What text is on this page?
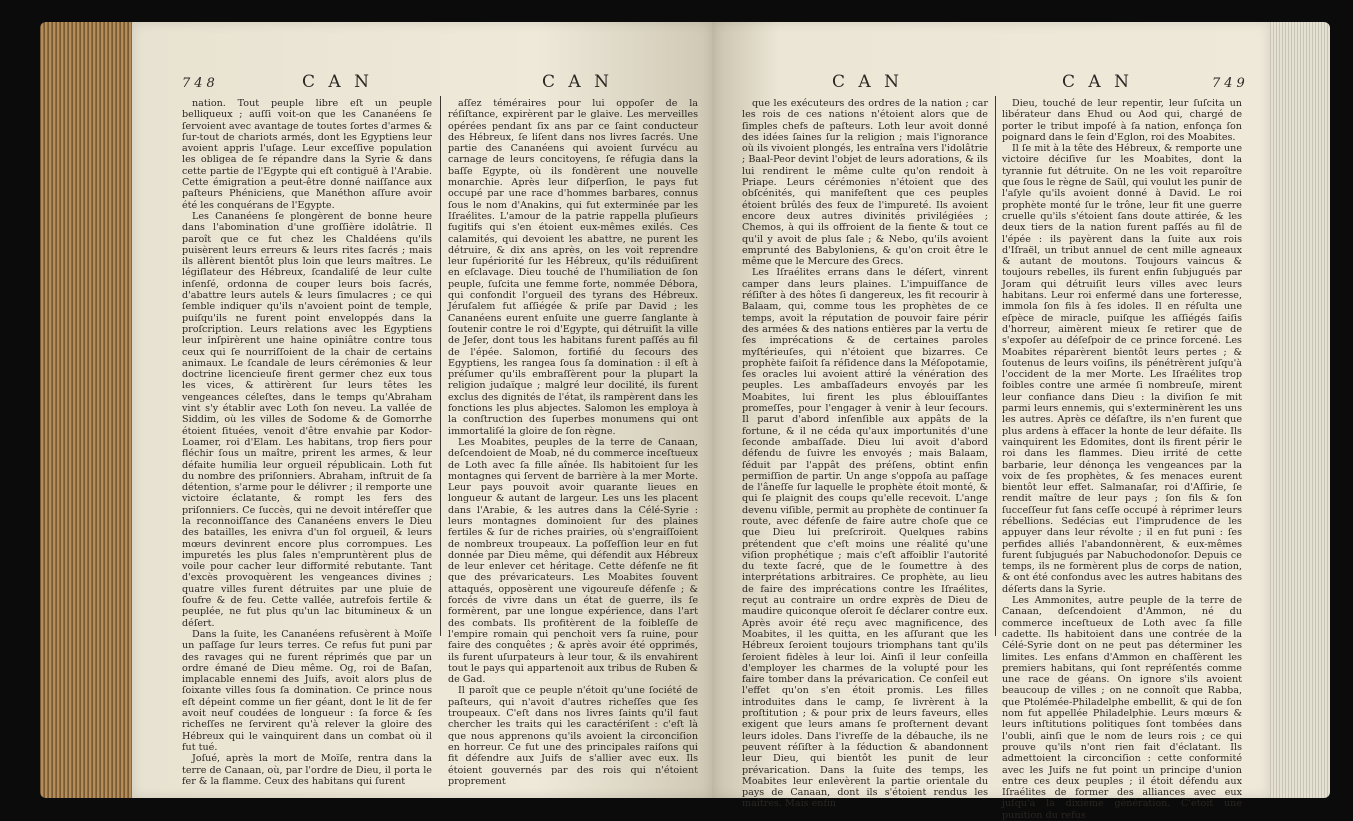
748	C A N	C A N

nation. Tout peuple libre eſt un peuple belliqueux ; auſſi voit-on que les Cananéens ſe ſervoient avec avantage de toutes ſortes d'armes & ſur-tout de chariots armés, dont les Egyptiens leur avoient appris l'uſage. Leur exceſſive population les obligea de ſe répandre dans la Syrie & dans cette partie de l'Egypte qui eſt contiguë à l'Arabie. Cette émigration a peut-être donné naiſſance aux paſteurs Phéniciens, que Manéthon aſſure avoir été les conquérans de l'Egypte.

Les Cananéens ſe plongèrent de bonne heure dans l'abomination d'une groſſière idolâtrie. Il paroît que ce fut chez les Chaldéens qu'ils puisèrent leurs erreurs & leurs rites ſacrés ; mais ils allèrent bientôt plus loin que leurs maîtres. Le légiſlateur des Hébreux, ſcandaliſé de leur culte inſenſé, ordonna de couper leurs bois ſacrés, d'abattre leurs autels & leurs ſimulacres ; ce qui ſemble indiquer qu'ils n'avoient point de temple, puiſqu'ils ne furent point enveloppés dans la proſcription. Leurs relations avec les Egyptiens leur inſpirèrent une haine opiniâtre contre tous ceux qui ſe nourriſſoient de la chair de certains animaux. Le ſcandale de leurs cérémonies & leur doctrine licencieuſe firent germer chez eux tous les vices, & attirèrent ſur leurs têtes les vengeances céleſtes, dans le temps qu'Abraham vint s'y établir avec Loth ſon neveu. La vallée de Siddim, où les villes de Sodome & de Gomorrhe étoient ſituées, venoit d'être envahie par Kodor-Loamer, roi d'Elam. Les habitans, trop fiers pour fléchir ſous un maître, prirent les armes, & leur défaite humilia leur orgueil républicain. Loth fut du nombre des priſonniers. Abraham, inſtruit de ſa détention, s'arme pour le délivrer ; il remporte une victoire éclatante, & rompt les fers des priſonniers. Ce ſuccès, qui ne devoit intéreſſer que la reconnoiſſance des Cananéens envers le Dieu des batailles, les enivra d'un fol orgueil, & leurs mœurs devinrent encore plus corrompues. Les impuretés les plus ſales n'empruntèrent plus de voile pour cacher leur difformité rebutante. Tant d'excès provoquèrent les vengeances divines ; quatre villes furent détruites par une pluie de ſoufre & de feu. Cette vallée, autrefois fertile & peuplée, ne fut plus qu'un lac bitumineux & un déſert.

Dans la ſuite, les Cananéens refusèrent à Moïſe un paſſage ſur leurs terres. Ce refus fut puni par des ravages qui ne furent réprimés que par un ordre émané de Dieu même. Og, roi de Baſan, implacable ennemi des Juifs, avoit alors plus de ſoixante villes ſous ſa domination. Ce prince nous eſt dépeint comme un fier géant, dont le lit de fer avoit neuf coudées de longueur : ſa force & ſes richeſſes ne ſervirent qu'à relever la gloire des Hébreux qui le vainquirent dans un combat où il fut tué.

Joſué, après la mort de Moïſe, rentra dans la terre de Canaan, où, par l'ordre de Dieu, il porta le fer & la flamme. Ceux des habitans qui ſurent

aſſez téméraires pour lui oppoſer de la réſiſtance, expirèrent par le glaive. Les merveilles opérées pendant ſix ans par ce ſaint conducteur des Hébreux, ſe liſent dans nos livres ſacrés. Une partie des Cananéens qui avoient ſurvécu au carnage de leurs concitoyens, ſe réfugia dans la baſſe Egypte, où ils fondèrent une nouvelle monarchie. Après leur diſperſion, le pays fut occupé par une race d'hommes barbares, connus ſous le nom d'Anakins, qui fut exterminée par les Iſraélites. L'amour de la patrie rappella pluſieurs fugitifs qui s'en étoient eux-mêmes exilés. Ces calamités, qui devoient les abattre, ne purent les détruire, & dix ans après, on les voit reprendre leur ſupériorité ſur les Hébreux, qu'ils réduiſirent en eſclavage. Dieu touché de l'humiliation de ſon peuple, ſuſcita une femme forte, nommée Débora, qui confondit l'orgueil des tyrans des Hébreux. Jéruſalem fut aſſiégée & priſe par David ; les Cananéens eurent enſuite une guerre ſanglante à ſoutenir contre le roi d'Egypte, qui détruiſit la ville de Jeſer, dont tous les habitans furent paſſés au fil de l'épée. Salomon, fortifié du ſecours des Egyptiens, les rangea ſous ſa domination : il eſt à préſumer qu'ils embraſſèrent pour la plupart la religion judaïque ; malgré leur docilité, ils furent exclus des dignités de l'état, ils rampèrent dans les fonctions les plus abjectes. Salomon les employa à la conſtruction des ſuperbes monumens qui ont immortaliſé la gloire de ſon règne.

Les Moabites, peuples de la terre de Canaan, deſcendoient de Moab, né du commerce inceſtueux de Loth avec ſa fille aînée. Ils habitoient ſur les montagnes qui ſervent de barrière à la mer Morte. Leur pays pouvoit avoir quarante lieues en longueur & autant de largeur. Les uns les placent dans l'Arabie, & les autres dans la Célé-Syrie : leurs montagnes dominoient ſur des plaines fertiles & ſur de riches prairies, où s'engraiſſoient de nombreux troupeaux. La poſſeſſion leur en fut donnée par Dieu même, qui défendit aux Hébreux de leur enlever cet héritage. Cette défenſe ne fit que des prévaricateurs. Les Moabites ſouvent attaqués, opposèrent une vigoureuſe défenſe ; & forcés de vivre dans un état de guerre, ils ſe formèrent, par une longue expérience, dans l'art des combats. Ils profitèrent de la foibleſſe de l'empire romain qui penchoit vers ſa ruine, pour faire des conquêtes ; & après avoir été opprimés, ils furent uſurpateurs à leur tour, & ils envahirent tout le pays qui appartenoit aux tribus de Ruben & de Gad.

Il paroît que ce peuple n'étoit qu'une ſociété de paſteurs, qui n'avoit d'autres richeſſes que ſes troupeaux. C'eſt dans nos livres ſaints qu'il faut chercher les traits qui les caractériſent : c'eſt là que nous apprenons qu'ils avoient la circonciſion en horreur. Ce fut une des principales raiſons qui fit défendre aux Juifs de s'allier avec eux. Ils étoient gouvernés par des rois qui n'étoient proprement

C A N	C A N	749

que les exécuteurs des ordres de la nation ; car les rois de ces nations n'étoient alors que de ſimples chefs de paſteurs. Loth leur avoit donné des idées ſaines ſur la religion ; mais l'ignorance où ils vivoient plongés, les entraîna vers l'idolâtrie ; Baal-Peor devint l'objet de leurs adorations, & ils lui rendirent le même culte qu'on rendoit à Priape. Leurs cérémonies n'étoient que des obſcénités, qui manifeſtent que ces peuples étoient brûlés des feux de l'impureté. Ils avoient encore deux autres divinités privilégiées ; Chemos, à qui ils offroient de la fiente & tout ce qu'il y avoit de plus ſale ; & Nebo, qu'ils avoient emprunté des Babyloniens, & qu'on croit être le même que le Mercure des Grecs.

Les Iſraélites errans dans le déſert, vinrent camper dans leurs plaines. L'impuiſſance de réſiſter à des hôtes ſi dangereux, les fit recourir à Balaam, qui, comme tous les prophètes de ce temps, avoit la réputation de pouvoir faire périr des armées & des nations entières par la vertu de ſes imprécations & de certaines paroles myſtérieuſes, qui n'étoient que bizarres. Ce prophète faiſoit ſa réſidence dans la Méſopotamie, ſes oracles lui avoient attiré la vénération des peuples. Les ambaſſadeurs envoyés par les Moabites, lui firent les plus éblouiſſantes promeſſes, pour l'engager à venir à leur ſecours. Il parut d'abord inſenſible aux appâts de la fortune, & il ne céda qu'aux importunités d'une ſeconde ambaſſade. Dieu lui avoit d'abord défendu de ſuivre les envoyés ; mais Balaam, ſéduit par l'appât des préſens, obtint enfin permiſſion de partir. Un ange s'oppoſa au paſſage de l'âneſſe ſur laquelle le prophète étoit monté, & qui ſe plaignit des coups qu'elle recevoit. L'ange devenu viſible, permit au prophète de continuer ſa route, avec défenſe de faire autre choſe que ce que Dieu lui preſcriroit. Quelques rabins prétendent que c'eſt moins une réalité qu'une viſion prophétique ; mais c'eſt affoiblir l'autorité du texte ſacré, que de le ſoumettre à des interprétations arbitraires. Ce prophète, au lieu de faire des imprécations contre les Iſraélites, reçut au contraire un ordre exprès de Dieu de maudire quiconque oſeroit ſe déclarer contre eux. Après avoir été reçu avec magnificence, des Moabites, il les quitta, en les aſſurant que les Hébreux ſeroient toujours triomphans tant qu'ils ſeroient fidèles à leur loi. Ainſi il leur conſeilla d'employer les charmes de la volupté pour les faire tomber dans la prévarication. Ce conſeil eut l'effet qu'on s'en étoit promis. Les filles introduites dans le camp, ſe livrèrent à la proſtitution ; & pour prix de leurs faveurs, elles exigent que leurs amans ſe proſternent devant leurs idoles. Dans l'ivreſſe de la débauche, ils ne peuvent réſiſter à la ſéduction & abandonnent leur Dieu, qui bientôt les punit de leur prévarication. Dans la ſuite des temps, les Moabites leur enlevèrent la partie orientale du pays de Canaan, dont ils s'étoient rendus les maîtres. Mais enfin

Dieu, touché de leur repentir, leur ſuſcita un libérateur dans Ehud ou Aod qui, chargé de porter le tribut impoſé à ſa nation, enfonça ſon poignard dans le ſein d'Eglon, roi des Moabites.

Il ſe mit à la tête des Hébreux, & remporte une victoire déciſive ſur les Moabites, dont la tyrannie fut détruite. On ne les voit reparoître que ſous le règne de Saül, qui voulut les punir de l'aſyle qu'ils avoient donné à David. Le roi prophète monté ſur le trône, leur fit une guerre cruelle qu'ils s'étoient ſans doute attirée, & les deux tiers de la nation furent paſſés au fil de l'épée : ils payèrent dans la ſuite aux rois d'Iſraël, un tribut annuel de cent mille agneaux & autant de moutons. Toujours vaincus & toujours rebelles, ils furent enfin ſubjugués par Joram qui détruiſit leurs villes avec leurs habitans. Leur roi enfermé dans une forteresse, immola ſon fils à ſes idoles. Il en réſulta une eſpèce de miracle, puiſque les aſſiégés ſaiſis d'horreur, aimèrent mieux ſe retirer que de s'expoſer au déſeſpoir de ce prince forcené. Les Moabites réparèrent bientôt leurs pertes ; & ſoutenus de leurs voiſins, ils pénétrèrent juſqu'à l'occident de la mer Morte. Les Iſraélites trop foibles contre une armée ſi nombreuſe, mirent leur confiance dans Dieu : la diviſion ſe mit parmi leurs ennemis, qui s'exterminèrent les uns les autres. Après ce déſaſtre, ils n'en furent que plus ardens à effacer la honte de leur défaite. Ils vainquirent les Edomites, dont ils firent périr le roi dans les flammes. Dieu irrité de cette barbarie, leur dénonça les vengeances par la voix de ſes prophètes, & ſes menaces eurent bientôt leur effet. Salmanaſar, roi d'Aſſirie, ſe rendit maître de leur pays ; ſon fils & ſon ſucceſſeur fut ſans ceſſe occupé à réprimer leurs rébellions. Sedécias eut l'imprudence de les appuyer dans leur révolte ; il en fut puni : ſes perfides alliés l'abandonnèrent, & eux-mêmes furent ſubjugués par Nabuchodonoſor. Depuis ce temps, ils ne formèrent plus de corps de nation, & ont été confondus avec les autres habitans des déſerts dans la Syrie.

Les Ammonites, autre peuple de la terre de Canaan, deſcendoient d'Ammon, né du commerce inceſtueux de Loth avec ſa fille cadette. Ils habitoient dans une contrée de la Célé-Syrie dont on ne peut pas déterminer les limites. Les enfans d'Ammon en chaſſèrent les premiers habitans, qui ſont repréſentés comme une race de géans. On ignore s'ils avoient beaucoup de villes ; on ne connoît que Rabba, que Ptolémée-Philadelphe embellit, & qui de ſon nom fut appellée Philadelphie. Leurs mœurs & leurs inſtitutions politiques ſont tombées dans l'oubli, ainſi que le nom de leurs rois ; ce qui prouve qu'ils n'ont rien fait d'éclatant. Ils admettoient la circonciſion : cette conformité avec les Juifs ne fut point un principe d'union entre ces deux peuples ; il étoit défendu aux Iſraélites de former des alliances avec eux juſqu'à la dixième génération. C'étoit une punition du refus
